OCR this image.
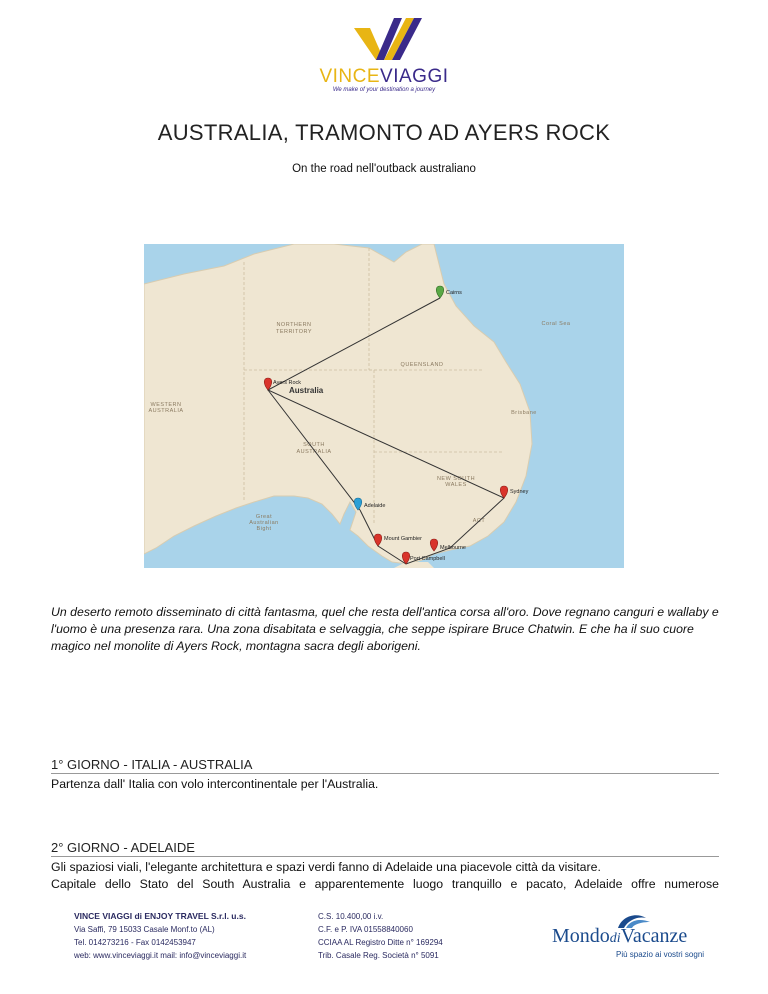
VINCEVIAGGI
We make of your destination a journey
AUSTRALIA, TRAMONTO AD AYERS ROCK
On the road nell'outback australiano
NORTHERN
TERRITORY
QUEENSLAND
WESTERN
AUSTRALIA
SOUTH
AUSTRALIA
NEW SOUTH
WALES
Great
Australian
Bight
ACT
Coral Sea
Brisbane
Australia
Cairns
Ayers Rock
Sydney
Adelaide
Mount Gambier
Melbourne
Port Campbell
Un deserto remoto disseminato di città fantasma, quel che resta dell'antica corsa all'oro. Dove regnano canguri e wallaby e l'uomo è una presenza rara. Una zona disabitata e selvaggia, che seppe ispirare Bruce Chatwin. E che ha il suo cuore magico nel monolite di Ayers Rock, montagna sacra degli aborigeni.
1° GIORNO - ITALIA - AUSTRALIA
Partenza dall' Italia con volo intercontinentale per l'Australia.
2° GIORNO - ADELAIDE
Gli spaziosi viali, l'elegante architettura e spazi verdi fanno di Adelaide una piacevole città da visitare.
Capitale dello Stato del South Australia e apparentemente luogo tranquillo e pacato, Adelaide offre numerose
VINCE VIAGGI di ENJOY TRAVEL S.r.l. u.s.
Via Saffi, 79 15033 Casale Monf.to (AL)
Tel. 014273216 - Fax 0142453947
web: www.vinceviaggi.it mail: info@vinceviaggi.it
C.S. 10.400,00 i.v.
C.F. e P. IVA 01558840060
CCIAA AL Registro Ditte n° 169294
Trib. Casale Reg. Società n° 5091
MondodiVacanze
Più spazio ai vostri sogni
